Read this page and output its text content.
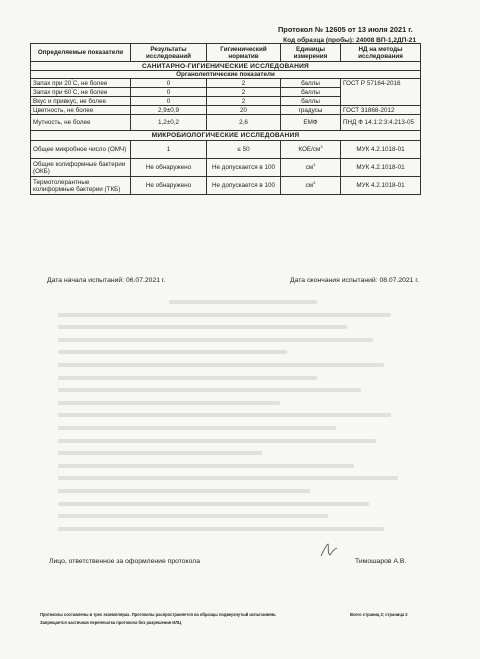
Протокол № 12605 от 13 июля 2021 г.
Код образца (пробы): 24008 ВП-1,2ДП-21
Определяемые показатели	Результаты исследований	Гигиенический норматив	Единицы измерения	НД на методы исследования
САНИТАРНО-ГИГИЕНИЧЕСКИЕ ИССЛЕДОВАНИЯ				
Органолептические показатели				
Запах при 20°С, не более	0	2	баллы	ГОСТ Р 57164-2016
Запах при 60°С, не более	0	2	баллы	
Вкус и привкус, не более	0	2	баллы	
Цветность, не более	2,9±0,9	20	градусы	ГОСТ 31868-2012
Мутность, не более	1,2±0,2	2,6	ЕМФ	ПНД Ф 14.1:2:3:4.213-05
МИКРОБИОЛОГИЧЕСКИЕ ИССЛЕДОВАНИЯ				
Общее микробное число (ОМЧ)	1	≤ 50	КОЕ/$см^3$	МУК 4.2.1018-01
Общие колиформные бактерии (ОКБ)	Не обнаружено	Не допускается в 100	$см^3$	МУК 4.2.1018-01
Термотолерантные колиформные бактерии (ТКБ)	Не обнаружено	Не допускается в 100	$см^3$	МУК 4.2.1018-01
Дата начала испытаний: 06.07.2021 г.	Дата окончания испытаний: 08.07.2021 г.
Лицо, ответственное за оформление протокола	Тимошаров А.В.
Протоколы составлены в трех экземплярах. Протоколы распространяется на образцы подвергнутый испытаниям.
Запрещается частичная перепечатка протокола без разрешения ИЛЦ
Всего страниц 2; страница 2
